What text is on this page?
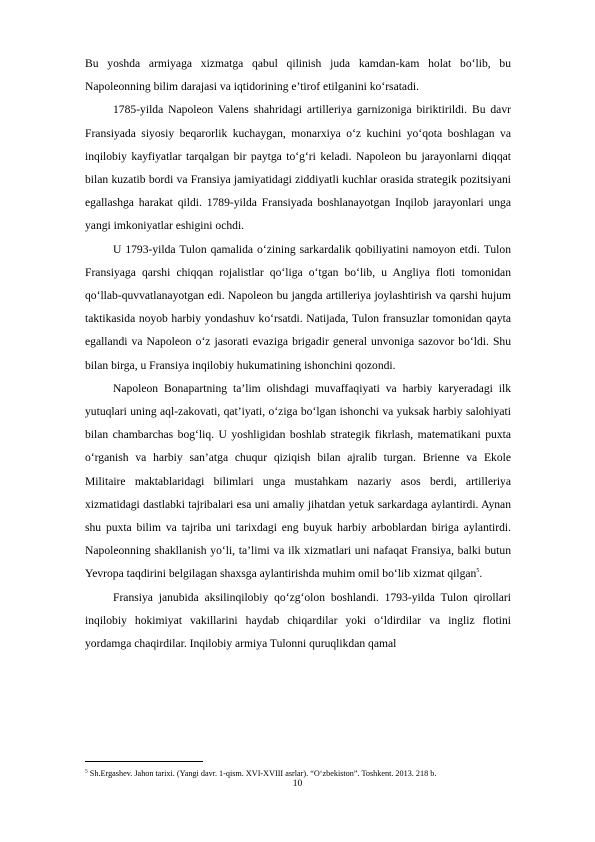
Bu yoshda armiyaga xizmatga qabul qilinish juda kamdan-kam holat bo‘lib, bu Napoleonning bilim darajasi va iqtidorining e’tirof etilganini ko‘rsatadi.

1785-yilda Napoleon Valens shahridagi artilleriya garnizoniga biriktirildi. Bu davr Fransiyada siyosiy beqarorlik kuchaygan, monarxiya o‘z kuchini yo‘qota boshlagan va inqilobiy kayfiyatlar tarqalgan bir paytga to‘g‘ri keladi. Napoleon bu jarayonlarni diqqat bilan kuzatib bordi va Fransiya jamiyatidagi ziddiyatli kuchlar orasida strategik pozitsiyani egallashga harakat qildi. 1789-yilda Fransiyada boshlanayotgan Inqilob jarayonlari unga yangi imkoniyatlar eshigini ochdi.

U 1793-yilda Tulon qamalida o‘zining sarkardalik qobiliyatini namoyon etdi. Tulon Fransiyaga qarshi chiqqan rojalistlar qo‘liga o‘tgan bo‘lib, u Angliya floti tomonidan qo‘llab-quvvatlanayotgan edi. Napoleon bu jangda artilleriya joylashtirish va qarshi hujum taktikasida noyob harbiy yondashuv ko‘rsatdi. Natijada, Tulon fransuzlar tomonidan qayta egallandi va Napoleon o‘z jasorati evaziga brigadir general unvoniga sazovor bo‘ldi. Shu bilan birga, u Fransiya inqilobiy hukumatining ishonchini qozondi.

Napoleon Bonapartning ta’lim olishdagi muvaffaqiyati va harbiy karyeradagi ilk yutuqlari uning aql-zakovati, qat’iyati, o‘ziga bo‘lgan ishonchi va yuksak harbiy salohiyati bilan chambarchas bog‘liq. U yoshligidan boshlab strategik fikrlash, matematikani puxta o‘rganish va harbiy san’atga chuqur qiziqish bilan ajralib turgan. Brienne va Ekole Militaire maktablaridagi bilimlari unga mustahkam nazariy asos berdi, artilleriya xizmatidagi dastlabki tajribalari esa uni amaliy jihatdan yetuk sarkardaga aylantirdi. Aynan shu puxta bilim va tajriba uni tarixdagi eng buyuk harbiy arboblardan biriga aylantirdi. Napoleonning shakllanish yo‘li, ta’limi va ilk xizmatlari uni nafaqat Fransiya, balki butun Yevropa taqdirini belgilagan shaxsga aylantirishda muhim omil bo‘lib xizmat qilgan$^5$.

Fransiya janubida aksilinqilobiy qo‘zg‘olon boshlandi. 1793-yilda Tulon qirollari inqilobiy hokimiyat vakillarini haydab chiqardilar yoki o‘ldirdilar va ingliz flotini yordamga chaqirdilar. Inqilobiy armiya Tulonni quruqlikdan qamal

$^5$ Sh.Ergashev. Jahon tarixi. (Yangi davr. 1-qism. XVI-XVIII asrlar). “O‘zbekiston”. Toshkent. 2013. 218 b.
10
